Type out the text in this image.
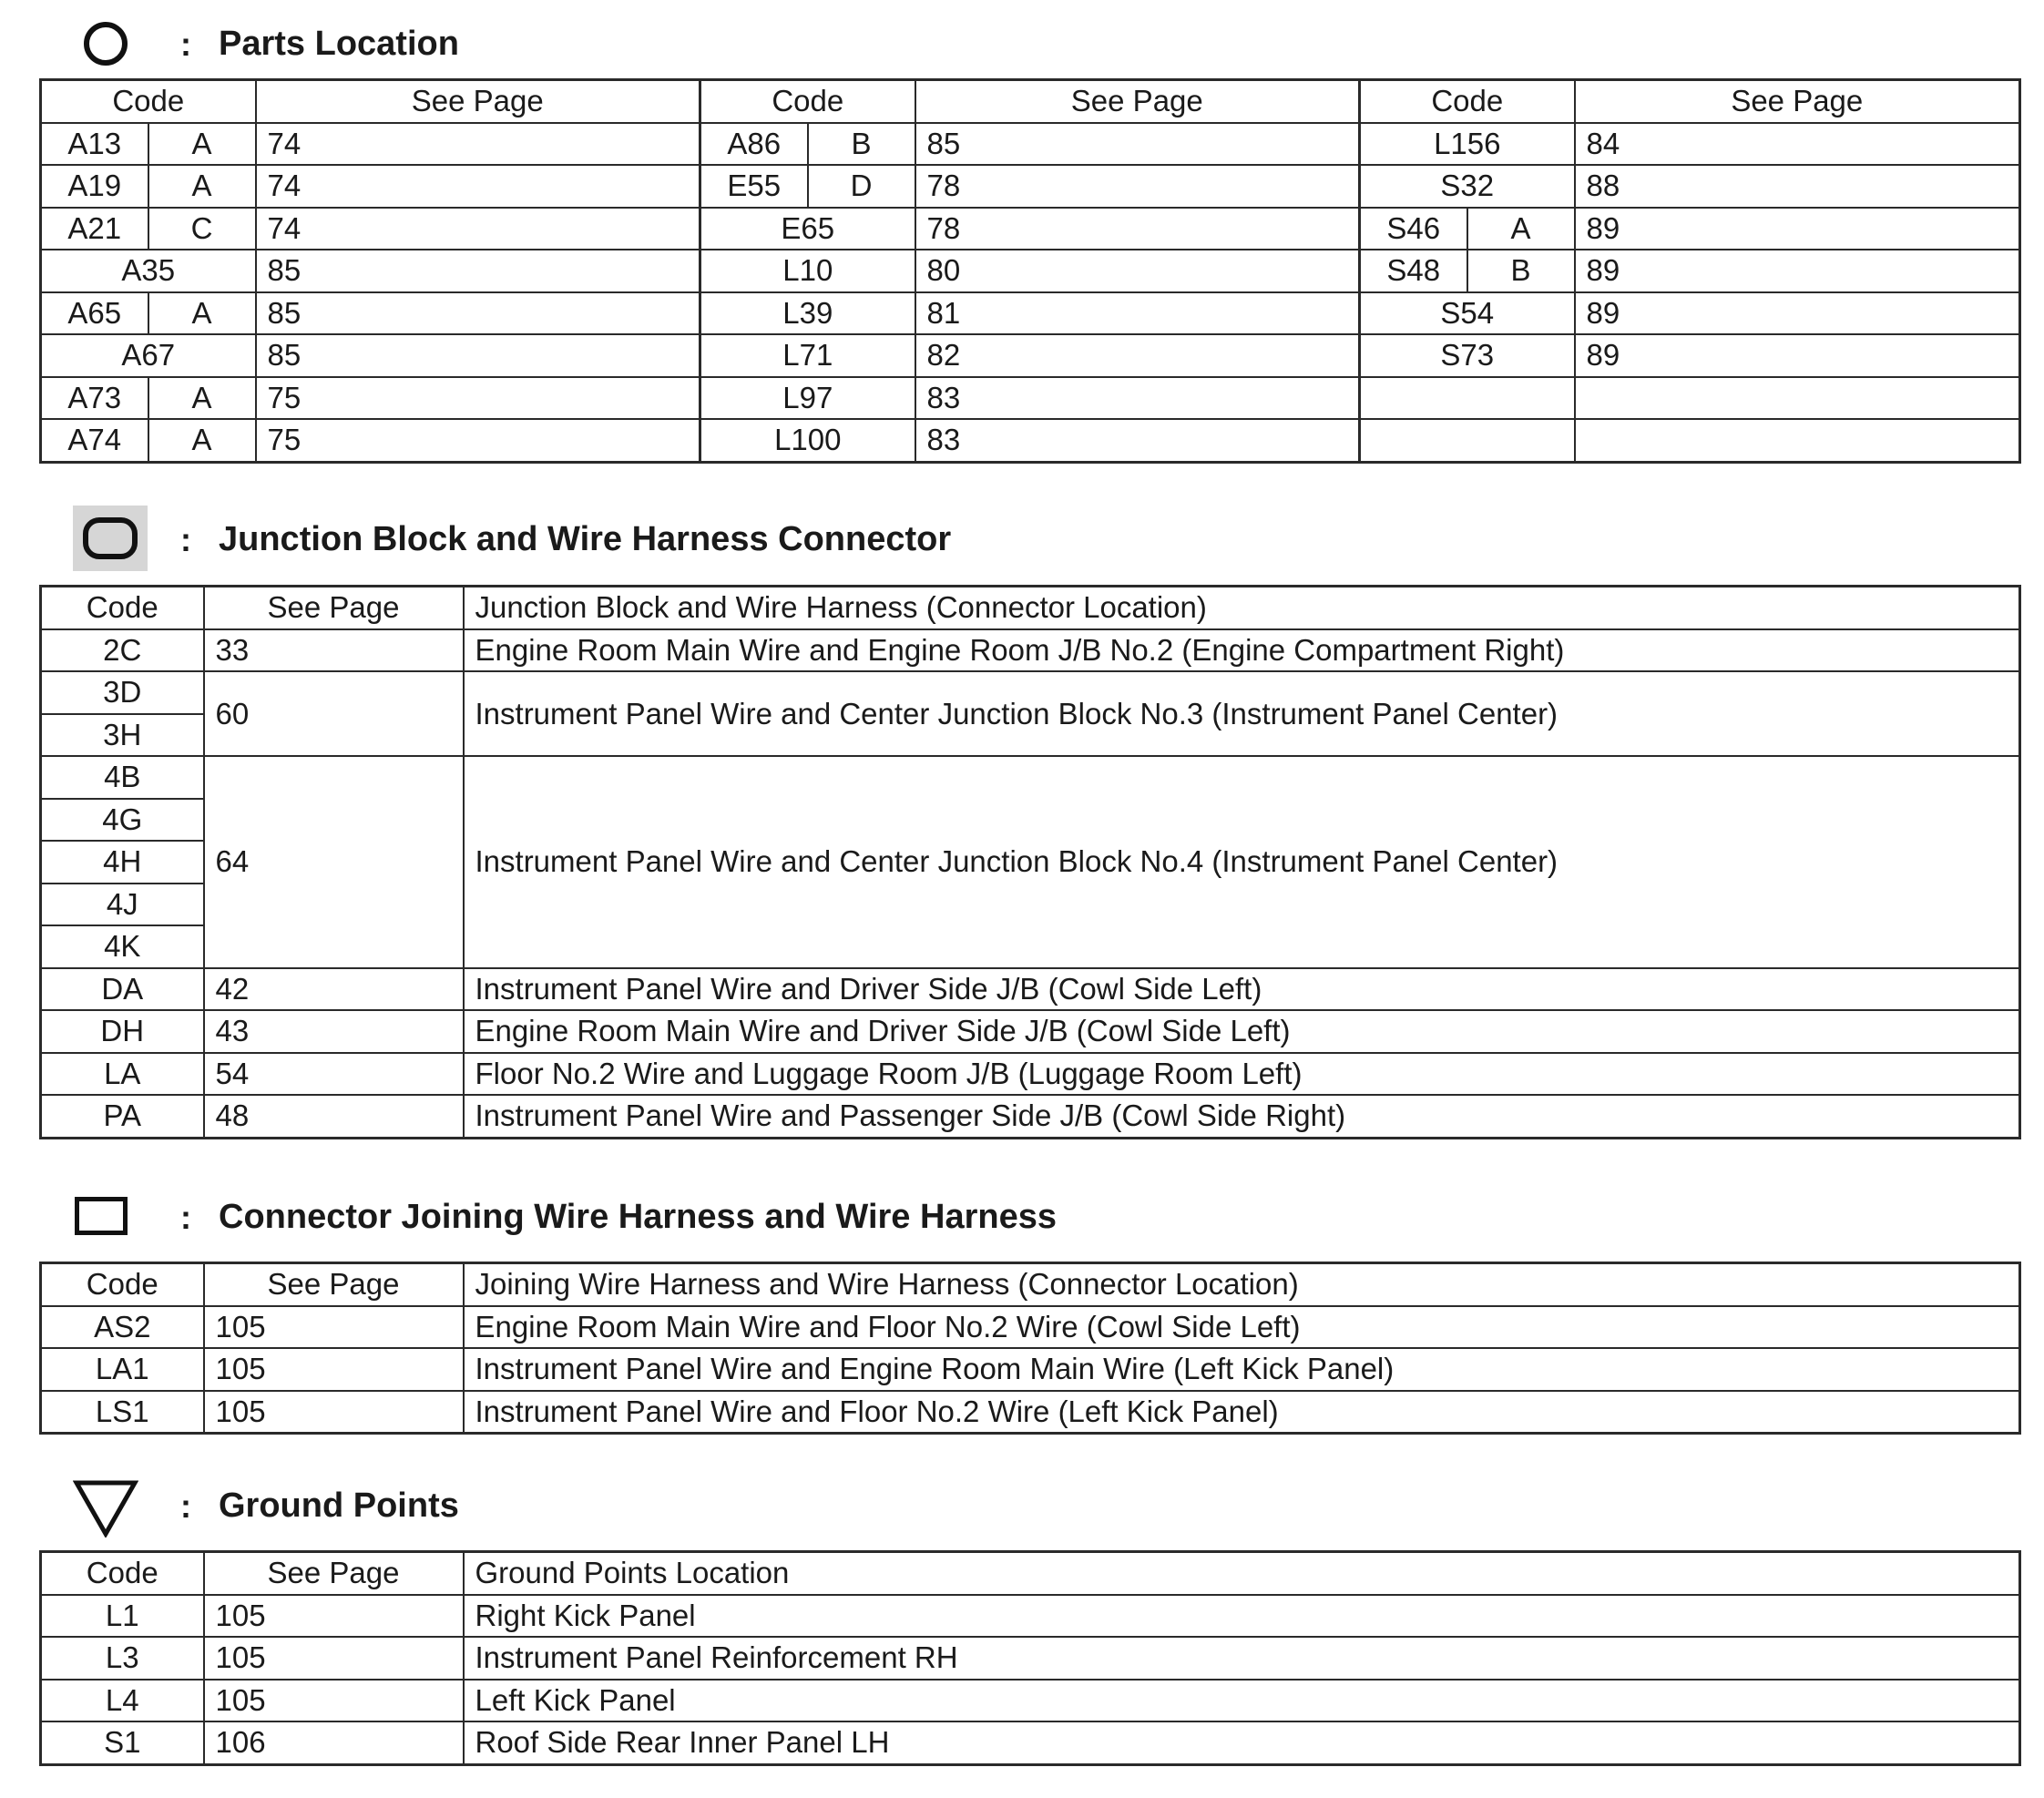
: Parts Location
Code		See Page	Code		See Page	Code		See Page
A13	A	74	A86	B	85	L156		84
A19	A	74	E55	D	78	S32		88
A21	C	74	E65		78	S46	A	89
A35		85	L10		80	S48	B	89
A65	A	85	L39		81	S54		89
A67		85	L71		82	S73		89
A73	A	75	L97		83			
A74	A	75	L100		83			
: Junction Block and Wire Harness Connector
Code	See Page	Junction Block and Wire Harness (Connector Location)
2C	33	Engine Room Main Wire and Engine Room J/B No.2 (Engine Compartment Right)
3D	60	Instrument Panel Wire and Center Junction Block No.3 (Instrument Panel Center)
3H		
4B	64	Instrument Panel Wire and Center Junction Block No.4 (Instrument Panel Center)
4G		
4H		
4J		
4K		
DA	42	Instrument Panel Wire and Driver Side J/B (Cowl Side Left)
DH	43	Engine Room Main Wire and Driver Side J/B (Cowl Side Left)
LA	54	Floor No.2 Wire and Luggage Room J/B (Luggage Room Left)
PA	48	Instrument Panel Wire and Passenger Side J/B (Cowl Side Right)
: Connector Joining Wire Harness and Wire Harness
Code	See Page	Joining Wire Harness and Wire Harness (Connector Location)
AS2	105	Engine Room Main Wire and Floor No.2 Wire (Cowl Side Left)
LA1	105	Instrument Panel Wire and Engine Room Main Wire (Left Kick Panel)
LS1	105	Instrument Panel Wire and Floor No.2 Wire (Left Kick Panel)
: Ground Points
Code	See Page	Ground Points Location
L1	105	Right Kick Panel
L3	105	Instrument Panel Reinforcement RH
L4	105	Left Kick Panel
S1	106	Roof Side Rear Inner Panel LH
